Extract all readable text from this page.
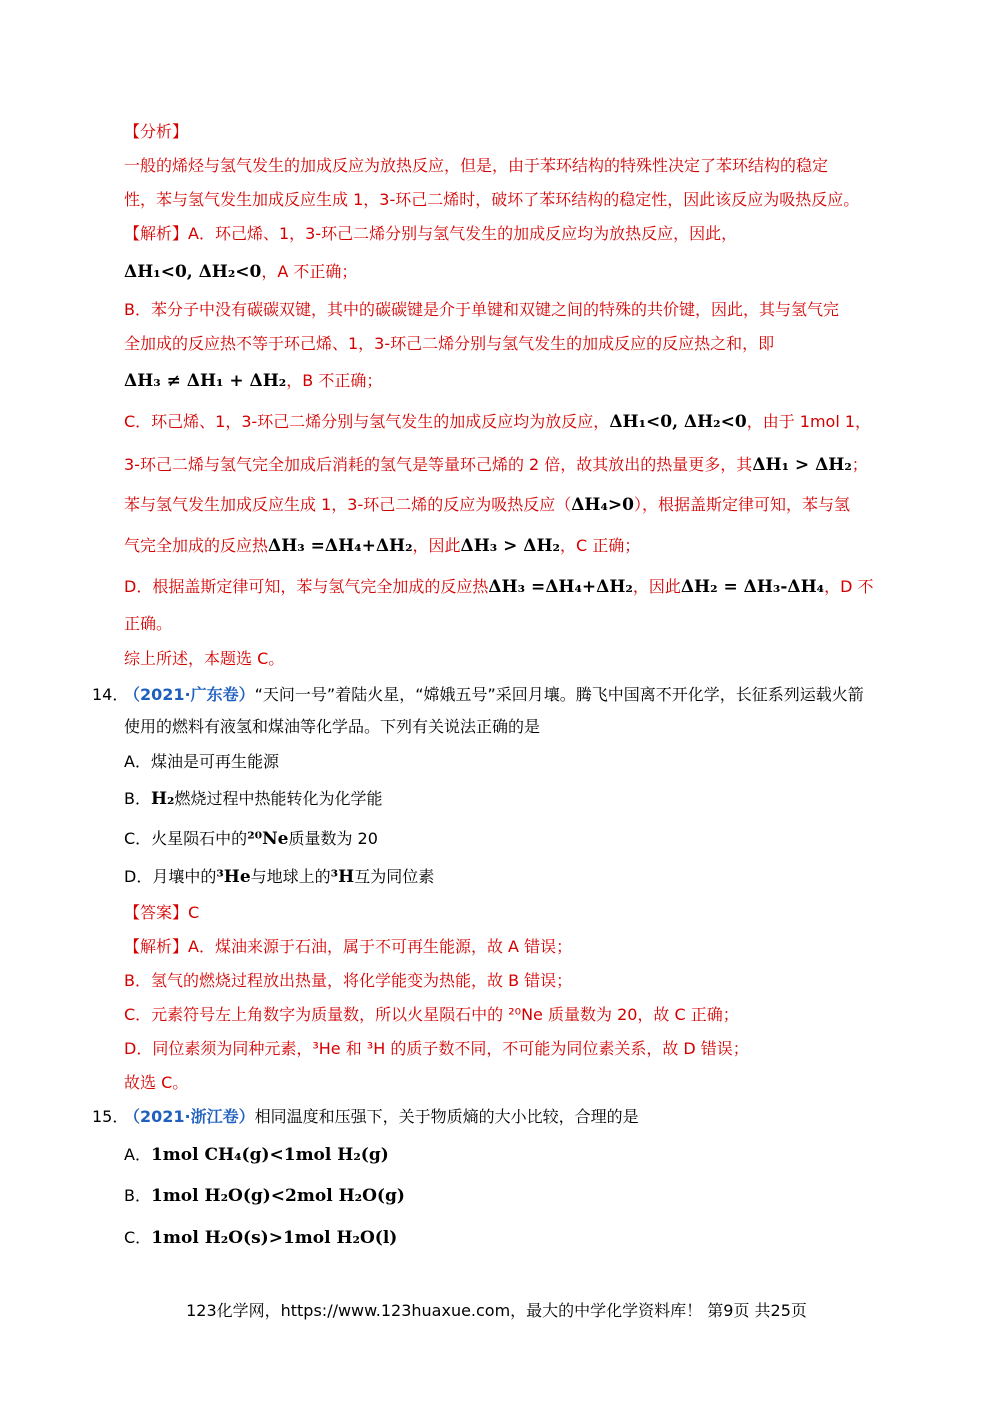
【分析】
一般的烯烃与氢气发生的加成反应为放热反应，但是，由于苯环结构的特殊性决定了苯环结构的稳定
性，苯与氢气发生加成反应生成 1，3-环己二烯时，破坏了苯环结构的稳定性，因此该反应为吸热反应。
【解析】A．环己烯、1，3-环己二烯分别与氢气发生的加成反应均为放热反应，因此，
ΔH₁<0, ΔH₂<0，A 不正确；
B．苯分子中没有碳碳双键，其中的碳碳键是介于单键和双键之间的特殊的共价键，因此，其与氢气完
全加成的反应热不等于环己烯、1，3-环己二烯分别与氢气发生的加成反应的反应热之和，即
ΔH₃ ≠ ΔH₁ + ΔH₂，B 不正确；
C．环己烯、1，3-环己二烯分别与氢气发生的加成反应均为放反应，ΔH₁<0, ΔH₂<0，由于 1mol 1，
3-环己二烯与氢气完全加成后消耗的氢气是等量环己烯的 2 倍，故其放出的热量更多，其ΔH₁ > ΔH₂；
苯与氢气发生加成反应生成 1，3-环己二烯的反应为吸热反应（ΔH₄>0），根据盖斯定律可知，苯与氢
气完全加成的反应热ΔH₃ =ΔH₄+ΔH₂，因此ΔH₃ > ΔH₂，C 正确；
D．根据盖斯定律可知，苯与氢气完全加成的反应热ΔH₃ =ΔH₄+ΔH₂，因此ΔH₂ = ΔH₃-ΔH₄，D 不
正确。
综上所述，本题选 C。
14．
（2021·广东卷）“天问一号”着陆火星，“嫦娥五号”采回月壤。腾飞中国离不开化学，长征系列运载火箭
使用的燃料有液氢和煤油等化学品。下列有关说法正确的是
A．煤油是可再生能源
B．H₂燃烧过程中热能转化为化学能
C．火星陨石中的²⁰Ne质量数为 20
D．月壤中的³He与地球上的³H互为同位素
【答案】C
【解析】A．煤油来源于石油，属于不可再生能源，故 A 错误；
B．氢气的燃烧过程放出热量，将化学能变为热能，故 B 错误；
C．元素符号左上角数字为质量数，所以火星陨石中的 ²⁰Ne 质量数为 20，故 C 正确；
D．同位素须为同种元素，³He 和 ³H 的质子数不同，不可能为同位素关系，故 D 错误；
故选 C。
15．
（2021·浙江卷）相同温度和压强下，关于物质熵的大小比较，合理的是
A．1mol CH₄(g)<1mol H₂(g)
B．1mol H₂O(g)<2mol H₂O(g)
C．1mol H₂O(s)>1mol H₂O(l)
123化学网，https://www.123huaxue.com，最大的中学化学资料库！ 第9页 共25页
